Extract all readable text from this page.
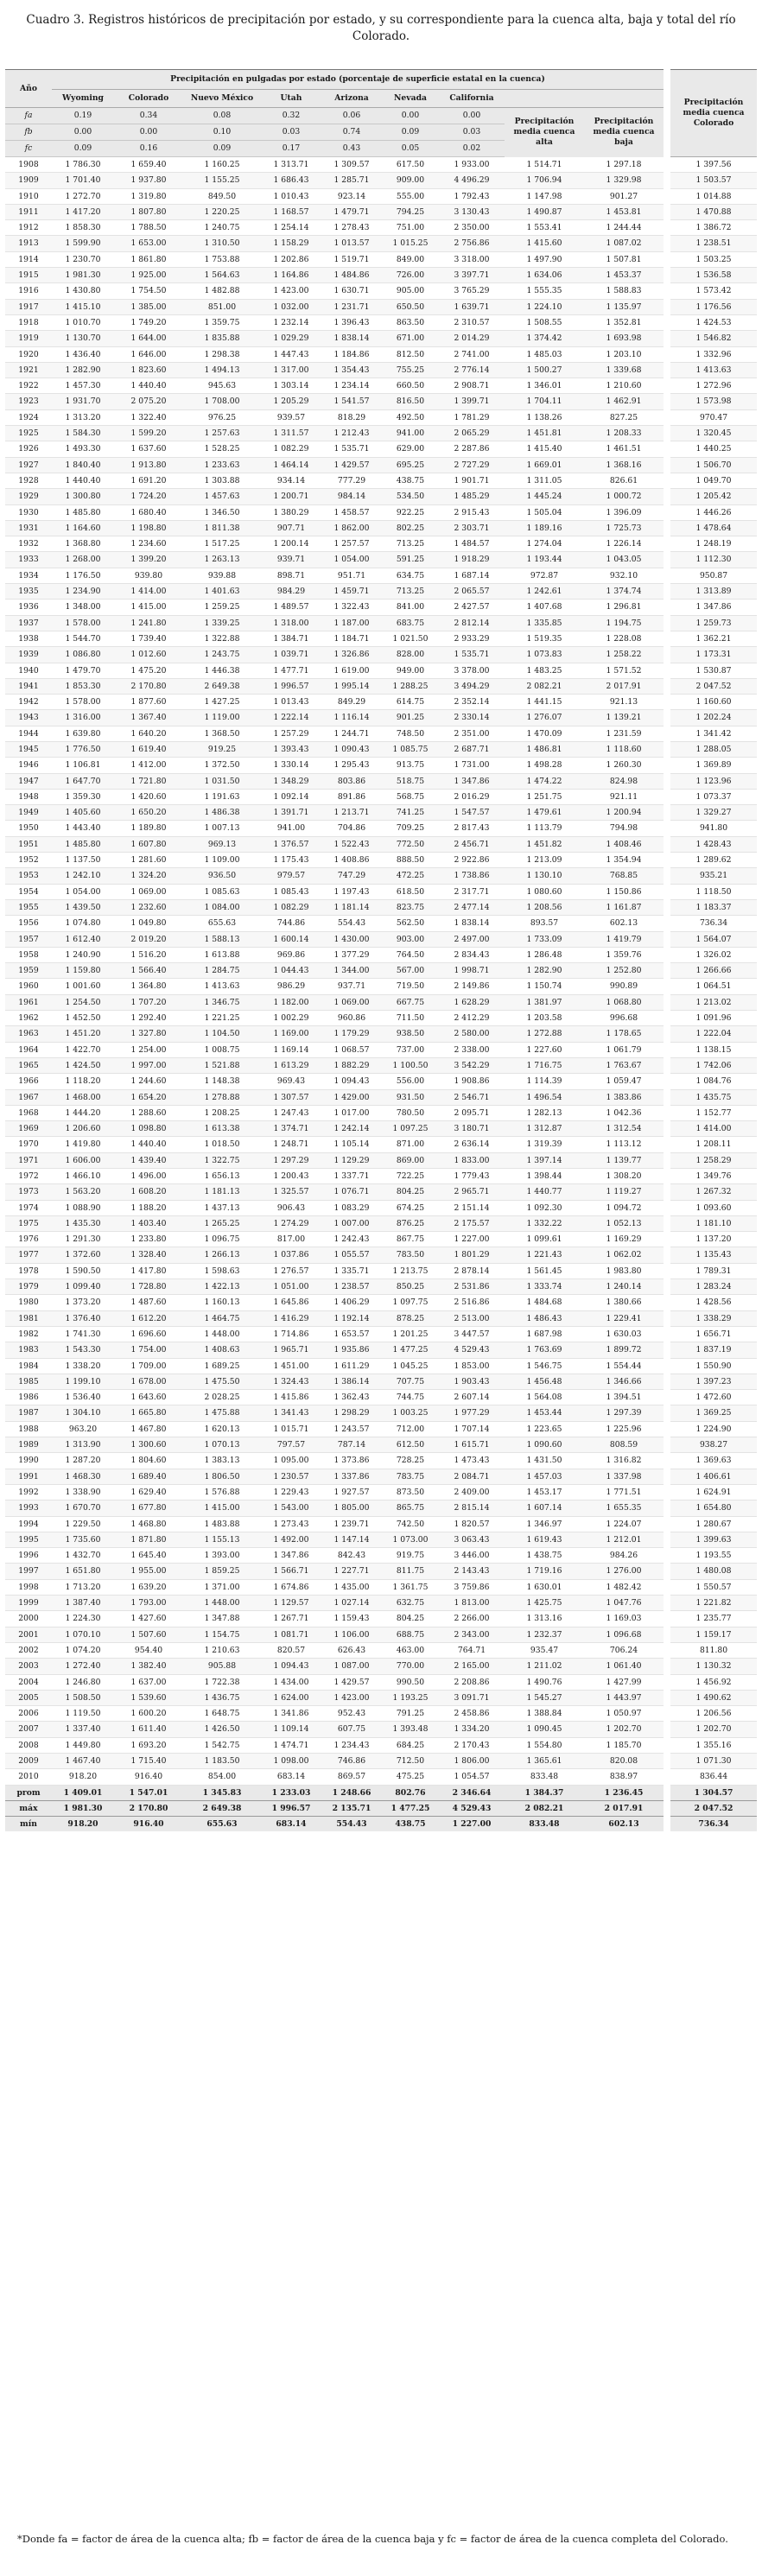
Cuadro 3. Registros históricos de precipitación por estado, y su correspondiente para la cuenca alta, baja y total del río Colorado.
Año	Precipitación en pulgadas por estado (porcentaje de superficie estatal en la cuenca)										Precipitación media cuenca Colorado
	Wyoming	Colorado	Nuevo México	Utah	Arizona	Nevada	California				
fa	0.19	0.34	0.08	0.32	0.06	0.00	0.00	Precipitación media cuenca alta	Precipitación media cuenca baja		
fb	0.00	0.00	0.10	0.03	0.74	0.09	0.03				
fc	0.09	0.16	0.09	0.17	0.43	0.05	0.02				
1908	1 786.30	1 659.40	1 160.25	1 313.71	1 309.57	617.50	1 933.00	1 514.71	1 297.18		1 397.56
1909	1 701.40	1 937.80	1 155.25	1 686.43	1 285.71	909.00	4 496.29	1 706.94	1 329.98		1 503.57
1910	1 272.70	1 319.80	849.50	1 010.43	923.14	555.00	1 792.43	1 147.98	901.27		1 014.88
1911	1 417.20	1 807.80	1 220.25	1 168.57	1 479.71	794.25	3 130.43	1 490.87	1 453.81		1 470.88
1912	1 858.30	1 788.50	1 240.75	1 254.14	1 278.43	751.00	2 350.00	1 553.41	1 244.44		1 386.72
1913	1 599.90	1 653.00	1 310.50	1 158.29	1 013.57	1 015.25	2 756.86	1 415.60	1 087.02		1 238.51
1914	1 230.70	1 861.80	1 753.88	1 202.86	1 519.71	849.00	3 318.00	1 497.90	1 507.81		1 503.25
1915	1 981.30	1 925.00	1 564.63	1 164.86	1 484.86	726.00	3 397.71	1 634.06	1 453.37		1 536.58
1916	1 430.80	1 754.50	1 482.88	1 423.00	1 630.71	905.00	3 765.29	1 555.35	1 588.83		1 573.42
1917	1 415.10	1 385.00	851.00	1 032.00	1 231.71	650.50	1 639.71	1 224.10	1 135.97		1 176.56
1918	1 010.70	1 749.20	1 359.75	1 232.14	1 396.43	863.50	2 310.57	1 508.55	1 352.81		1 424.53
1919	1 130.70	1 644.00	1 835.88	1 029.29	1 838.14	671.00	2 014.29	1 374.42	1 693.98		1 546.82
1920	1 436.40	1 646.00	1 298.38	1 447.43	1 184.86	812.50	2 741.00	1 485.03	1 203.10		1 332.96
1921	1 282.90	1 823.60	1 494.13	1 317.00	1 354.43	755.25	2 776.14	1 500.27	1 339.68		1 413.63
1922	1 457.30	1 440.40	945.63	1 303.14	1 234.14	660.50	2 908.71	1 346.01	1 210.60		1 272.96
1923	1 931.70	2 075.20	1 708.00	1 205.29	1 541.57	816.50	1 399.71	1 704.11	1 462.91		1 573.98
1924	1 313.20	1 322.40	976.25	939.57	818.29	492.50	1 781.29	1 138.26	827.25		970.47
1925	1 584.30	1 599.20	1 257.63	1 311.57	1 212.43	941.00	2 065.29	1 451.81	1 208.33		1 320.45
1926	1 493.30	1 637.60	1 528.25	1 082.29	1 535.71	629.00	2 287.86	1 415.40	1 461.51		1 440.25
1927	1 840.40	1 913.80	1 233.63	1 464.14	1 429.57	695.25	2 727.29	1 669.01	1 368.16		1 506.70
1928	1 440.40	1 691.20	1 303.88	934.14	777.29	438.75	1 901.71	1 311.05	826.61		1 049.70
1929	1 300.80	1 724.20	1 457.63	1 200.71	984.14	534.50	1 485.29	1 445.24	1 000.72		1 205.42
1930	1 485.80	1 680.40	1 346.50	1 380.29	1 458.57	922.25	2 915.43	1 505.04	1 396.09		1 446.26
1931	1 164.60	1 198.80	1 811.38	907.71	1 862.00	802.25	2 303.71	1 189.16	1 725.73		1 478.64
1932	1 368.80	1 234.60	1 517.25	1 200.14	1 257.57	713.25	1 484.57	1 274.04	1 226.14		1 248.19
1933	1 268.00	1 399.20	1 263.13	939.71	1 054.00	591.25	1 918.29	1 193.44	1 043.05		1 112.30
1934	1 176.50	939.80	939.88	898.71	951.71	634.75	1 687.14	972.87	932.10		950.87
1935	1 234.90	1 414.00	1 401.63	984.29	1 459.71	713.25	2 065.57	1 242.61	1 374.74		1 313.89
1936	1 348.00	1 415.00	1 259.25	1 489.57	1 322.43	841.00	2 427.57	1 407.68	1 296.81		1 347.86
1937	1 578.00	1 241.80	1 339.25	1 318.00	1 187.00	683.75	2 812.14	1 335.85	1 194.75		1 259.73
1938	1 544.70	1 739.40	1 322.88	1 384.71	1 184.71	1 021.50	2 933.29	1 519.35	1 228.08		1 362.21
1939	1 086.80	1 012.60	1 243.75	1 039.71	1 326.86	828.00	1 535.71	1 073.83	1 258.22		1 173.31
1940	1 479.70	1 475.20	1 446.38	1 477.71	1 619.00	949.00	3 378.00	1 483.25	1 571.52		1 530.87
1941	1 853.30	2 170.80	2 649.38	1 996.57	1 995.14	1 288.25	3 494.29	2 082.21	2 017.91		2 047.52
1942	1 578.00	1 877.60	1 427.25	1 013.43	849.29	614.75	2 352.14	1 441.15	921.13		1 160.60
1943	1 316.00	1 367.40	1 119.00	1 222.14	1 116.14	901.25	2 330.14	1 276.07	1 139.21		1 202.24
1944	1 639.80	1 640.20	1 368.50	1 257.29	1 244.71	748.50	2 351.00	1 470.09	1 231.59		1 341.42
1945	1 776.50	1 619.40	919.25	1 393.43	1 090.43	1 085.75	2 687.71	1 486.81	1 118.60		1 288.05
1946	1 106.81	1 412.00	1 372.50	1 330.14	1 295.43	913.75	1 731.00	1 498.28	1 260.30		1 369.89
1947	1 647.70	1 721.80	1 031.50	1 348.29	803.86	518.75	1 347.86	1 474.22	824.98		1 123.96
1948	1 359.30	1 420.60	1 191.63	1 092.14	891.86	568.75	2 016.29	1 251.75	921.11		1 073.37
1949	1 405.60	1 650.20	1 486.38	1 391.71	1 213.71	741.25	1 547.57	1 479.61	1 200.94		1 329.27
1950	1 443.40	1 189.80	1 007.13	941.00	704.86	709.25	2 817.43	1 113.79	794.98		941.80
1951	1 485.80	1 607.80	969.13	1 376.57	1 522.43	772.50	2 456.71	1 451.82	1 408.46		1 428.43
1952	1 137.50	1 281.60	1 109.00	1 175.43	1 408.86	888.50	2 922.86	1 213.09	1 354.94		1 289.62
1953	1 242.10	1 324.20	936.50	979.57	747.29	472.25	1 738.86	1 130.10	768.85		935.21
1954	1 054.00	1 069.00	1 085.63	1 085.43	1 197.43	618.50	2 317.71	1 080.60	1 150.86		1 118.50
1955	1 439.50	1 232.60	1 084.00	1 082.29	1 181.14	823.75	2 477.14	1 208.56	1 161.87		1 183.37
1956	1 074.80	1 049.80	655.63	744.86	554.43	562.50	1 838.14	893.57	602.13		736.34
1957	1 612.40	2 019.20	1 588.13	1 600.14	1 430.00	903.00	2 497.00	1 733.09	1 419.79		1 564.07
1958	1 240.90	1 516.20	1 613.88	969.86	1 377.29	764.50	2 834.43	1 286.48	1 359.76		1 326.02
1959	1 159.80	1 566.40	1 284.75	1 044.43	1 344.00	567.00	1 998.71	1 282.90	1 252.80		1 266.66
1960	1 001.60	1 364.80	1 413.63	986.29	937.71	719.50	2 149.86	1 150.74	990.89		1 064.51
1961	1 254.50	1 707.20	1 346.75	1 182.00	1 069.00	667.75	1 628.29	1 381.97	1 068.80		1 213.02
1962	1 452.50	1 292.40	1 221.25	1 002.29	960.86	711.50	2 412.29	1 203.58	996.68		1 091.96
1963	1 451.20	1 327.80	1 104.50	1 169.00	1 179.29	938.50	2 580.00	1 272.88	1 178.65		1 222.04
1964	1 422.70	1 254.00	1 008.75	1 169.14	1 068.57	737.00	2 338.00	1 227.60	1 061.79		1 138.15
1965	1 424.50	1 997.00	1 521.88	1 613.29	1 882.29	1 100.50	3 542.29	1 716.75	1 763.67		1 742.06
1966	1 118.20	1 244.60	1 148.38	969.43	1 094.43	556.00	1 908.86	1 114.39	1 059.47		1 084.76
1967	1 468.00	1 654.20	1 278.88	1 307.57	1 429.00	931.50	2 546.71	1 496.54	1 383.86		1 435.75
1968	1 444.20	1 288.60	1 208.25	1 247.43	1 017.00	780.50	2 095.71	1 282.13	1 042.36		1 152.77
1969	1 206.60	1 098.80	1 613.38	1 374.71	1 242.14	1 097.25	3 180.71	1 312.87	1 312.54		1 414.00
1970	1 419.80	1 440.40	1 018.50	1 248.71	1 105.14	871.00	2 636.14	1 319.39	1 113.12		1 208.11
1971	1 606.00	1 439.40	1 322.75	1 297.29	1 129.29	869.00	1 833.00	1 397.14	1 139.77		1 258.29
1972	1 466.10	1 496.00	1 656.13	1 200.43	1 337.71	722.25	1 779.43	1 398.44	1 308.20		1 349.76
1973	1 563.20	1 608.20	1 181.13	1 325.57	1 076.71	804.25	2 965.71	1 440.77	1 119.27		1 267.32
1974	1 088.90	1 188.20	1 437.13	906.43	1 083.29	674.25	2 151.14	1 092.30	1 094.72		1 093.60
1975	1 435.30	1 403.40	1 265.25	1 274.29	1 007.00	876.25	2 175.57	1 332.22	1 052.13		1 181.10
1976	1 291.30	1 233.80	1 096.75	817.00	1 242.43	867.75	1 227.00	1 099.61	1 169.29		1 137.20
1977	1 372.60	1 328.40	1 266.13	1 037.86	1 055.57	783.50	1 801.29	1 221.43	1 062.02		1 135.43
1978	1 590.50	1 417.80	1 598.63	1 276.57	1 335.71	1 213.75	2 878.14	1 561.45	1 983.80		1 789.31
1979	1 099.40	1 728.80	1 422.13	1 051.00	1 238.57	850.25	2 531.86	1 333.74	1 240.14		1 283.24
1980	1 373.20	1 487.60	1 160.13	1 645.86	1 406.29	1 097.75	2 516.86	1 484.68	1 380.66		1 428.56
1981	1 376.40	1 612.20	1 464.75	1 416.29	1 192.14	878.25	2 513.00	1 486.43	1 229.41		1 338.29
1982	1 741.30	1 696.60	1 448.00	1 714.86	1 653.57	1 201.25	3 447.57	1 687.98	1 630.03		1 656.71
1983	1 543.30	1 754.00	1 408.63	1 965.71	1 935.86	1 477.25	4 529.43	1 763.69	1 899.72		1 837.19
1984	1 338.20	1 709.00	1 689.25	1 451.00	1 611.29	1 045.25	1 853.00	1 546.75	1 554.44		1 550.90
1985	1 199.10	1 678.00	1 475.50	1 324.43	1 386.14	707.75	1 903.43	1 456.48	1 346.66		1 397.23
1986	1 536.40	1 643.60	2 028.25	1 415.86	1 362.43	744.75	2 607.14	1 564.08	1 394.51		1 472.60
1987	1 304.10	1 665.80	1 475.88	1 341.43	1 298.29	1 003.25	1 977.29	1 453.44	1 297.39		1 369.25
1988	963.20	1 467.80	1 620.13	1 015.71	1 243.57	712.00	1 707.14	1 223.65	1 225.96		1 224.90
1989	1 313.90	1 300.60	1 070.13	797.57	787.14	612.50	1 615.71	1 090.60	808.59		938.27
1990	1 287.20	1 804.60	1 383.13	1 095.00	1 373.86	728.25	1 473.43	1 431.50	1 316.82		1 369.63
1991	1 468.30	1 689.40	1 806.50	1 230.57	1 337.86	783.75	2 084.71	1 457.03	1 337.98		1 406.61
1992	1 338.90	1 629.40	1 576.88	1 229.43	1 927.57	873.50	2 409.00	1 453.17	1 771.51		1 624.91
1993	1 670.70	1 677.80	1 415.00	1 543.00	1 805.00	865.75	2 815.14	1 607.14	1 655.35		1 654.80
1994	1 229.50	1 468.80	1 483.88	1 273.43	1 239.71	742.50	1 820.57	1 346.97	1 224.07		1 280.67
1995	1 735.60	1 871.80	1 155.13	1 492.00	1 147.14	1 073.00	3 063.43	1 619.43	1 212.01		1 399.63
1996	1 432.70	1 645.40	1 393.00	1 347.86	842.43	919.75	3 446.00	1 438.75	984.26		1 193.55
1997	1 651.80	1 955.00	1 859.25	1 566.71	1 227.71	811.75	2 143.43	1 719.16	1 276.00		1 480.08
1998	1 713.20	1 639.20	1 371.00	1 674.86	1 435.00	1 361.75	3 759.86	1 630.01	1 482.42		1 550.57
1999	1 387.40	1 793.00	1 448.00	1 129.57	1 027.14	632.75	1 813.00	1 425.75	1 047.76		1 221.82
2000	1 224.30	1 427.60	1 347.88	1 267.71	1 159.43	804.25	2 266.00	1 313.16	1 169.03		1 235.77
2001	1 070.10	1 507.60	1 154.75	1 081.71	1 106.00	688.75	2 343.00	1 232.37	1 096.68		1 159.17
2002	1 074.20	954.40	1 210.63	820.57	626.43	463.00	764.71	935.47	706.24		811.80
2003	1 272.40	1 382.40	905.88	1 094.43	1 087.00	770.00	2 165.00	1 211.02	1 061.40		1 130.32
2004	1 246.80	1 637.00	1 722.38	1 434.00	1 429.57	990.50	2 208.86	1 490.76	1 427.99		1 456.92
2005	1 508.50	1 539.60	1 436.75	1 624.00	1 423.00	1 193.25	3 091.71	1 545.27	1 443.97		1 490.62
2006	1 119.50	1 600.20	1 648.75	1 341.86	952.43	791.25	2 458.86	1 388.84	1 050.97		1 206.56
2007	1 337.40	1 611.40	1 426.50	1 109.14	607.75	1 393.48	1 334.20	1 090.45	1 202.70		1 202.70
2008	1 449.80	1 693.20	1 542.75	1 474.71	1 234.43	684.25	2 170.43	1 554.80	1 185.70		1 355.16
2009	1 467.40	1 715.40	1 183.50	1 098.00	746.86	712.50	1 806.00	1 365.61	820.08		1 071.30
2010	918.20	916.40	854.00	683.14	869.57	475.25	1 054.57	833.48	838.97		836.44
prom	1 409.01	1 547.01	1 345.83	1 233.03	1 248.66	802.76	2 346.64	1 384.37	1 236.45		1 304.57
máx	1 981.30	2 170.80	2 649.38	1 996.57	2 135.71	1 477.25	4 529.43	2 082.21	2 017.91		2 047.52
mín	918.20	916.40	655.63	683.14	554.43	438.75	1 227.00	833.48	602.13		736.34
*Donde fa = factor de área de la cuenca alta; fb = factor de área de la cuenca baja y fc = factor de área de la cuenca completa del Colorado.
